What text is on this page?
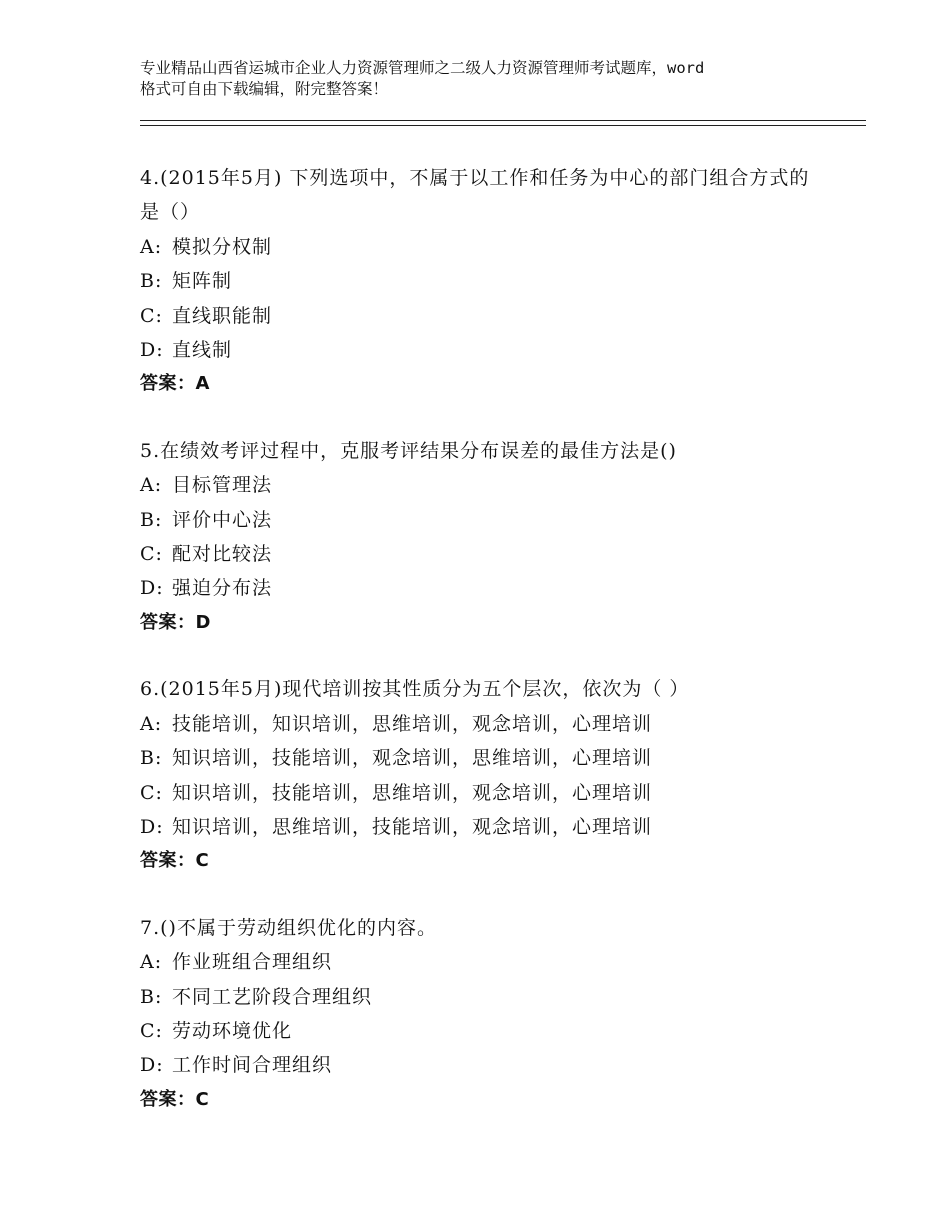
专业精品山西省运城市企业人力资源管理师之二级人力资源管理师考试题库，word
格式可自由下载编辑，附完整答案！
4.(2015年5月) 下列选项中，不属于以工作和任务为中心的部门组合方式的是（）
A: 模拟分权制
B: 矩阵制
C: 直线职能制
D: 直线制
答案：A
5.在绩效考评过程中，克服考评结果分布误差的最佳方法是()
A: 目标管理法
B: 评价中心法
C: 配对比较法
D: 强迫分布法
答案：D
6.(2015年5月)现代培训按其性质分为五个层次，依次为（ ）
A: 技能培训，知识培训，思维培训，观念培训，心理培训
B: 知识培训，技能培训，观念培训，思维培训，心理培训
C: 知识培训，技能培训，思维培训，观念培训，心理培训
D: 知识培训，思维培训，技能培训，观念培训，心理培训
答案：C
7.()不属于劳动组织优化的内容。
A: 作业班组合理组织
B: 不同工艺阶段合理组织
C: 劳动环境优化
D: 工作时间合理组织
答案：C
